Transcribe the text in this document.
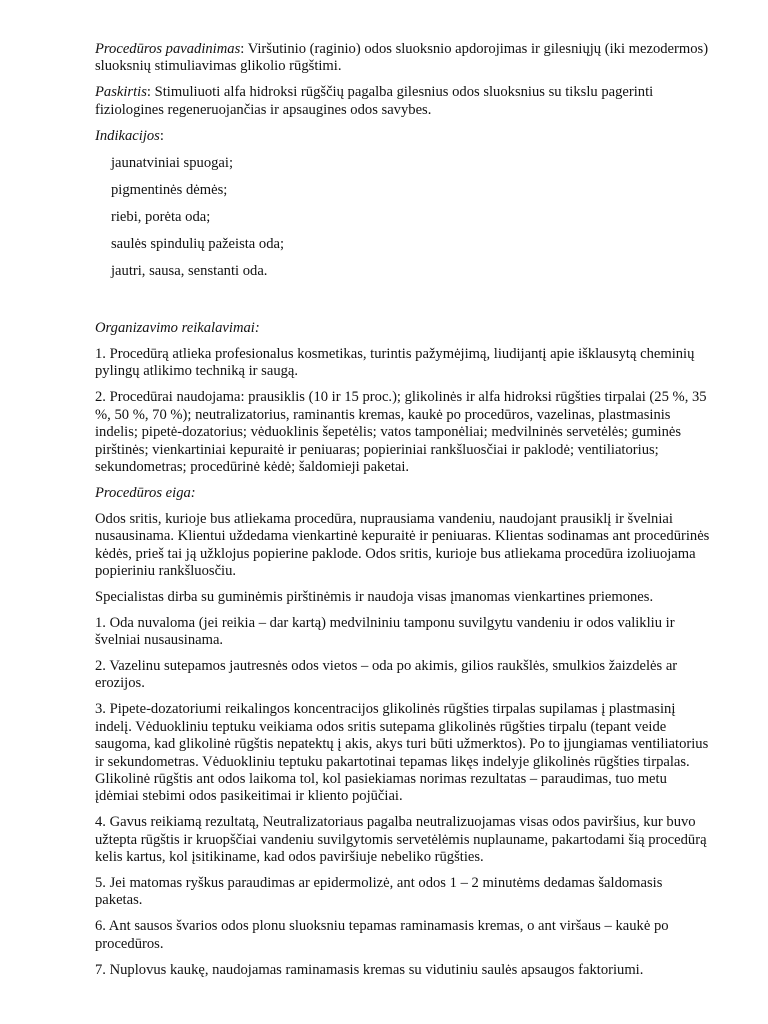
Procedūros pavadinimas: Viršutinio (raginio) odos sluoksnio apdorojimas ir gilesniųjų (iki mezodermos) sluoksnių stimuliavimas glikolio rūgštimi.

Paskirtis: Stimuliuoti alfa hidroksi rūgščių pagalba gilesnius odos sluoksnius su tikslu pagerinti fiziologines regeneruojančias ir apsaugines odos savybes.

Indikacijos:

jaunatviniai spuogai;

pigmentinės dėmės;

riebi, porėta oda;

saulės spindulių pažeista oda;

jautri, sausa, senstanti oda.

Organizavimo reikalavimai:

1. Procedūrą atlieka profesionalus kosmetikas, turintis pažymėjimą, liudijantį apie išklausytą cheminių pylingų atlikimo techniką ir saugą.

2. Procedūrai naudojama: prausiklis (10 ir 15 proc.); glikolinės ir alfa hidroksi rūgšties tirpalai (25 %, 35 %, 50 %, 70 %); neutralizatorius, raminantis kremas, kaukė po procedūros, vazelinas, plastmasinis indelis; pipetė-dozatorius; vėduoklinis šepetėlis; vatos tamponėliai; medvilninės servetėlės; guminės pirštinės; vienkartiniai kepuraitė ir peniuaras; popieriniai rankšluosčiai ir paklodė; ventiliatorius; sekundometras; procedūrinė kėdė; šaldomieji paketai.

Procedūros eiga:

Odos sritis, kurioje bus atliekama procedūra, nuprausiama vandeniu, naudojant prausiklį ir švelniai nusausinama. Klientui uždedama vienkartinė kepuraitė ir peniuaras. Klientas sodinamas ant procedūrinės kėdės, prieš tai ją užklojus popierine paklode. Odos sritis, kurioje bus atliekama procedūra izoliuojama popieriniu rankšluosčiu.

Specialistas dirba su guminėmis pirštinėmis ir naudoja visas įmanomas vienkartines priemones.

1. Oda nuvaloma (jei reikia – dar kartą) medvilniniu tamponu suvilgytu vandeniu ir odos valikliu ir švelniai nusausinama.

2. Vazelinu sutepamos jautresnės odos vietos – oda po akimis, gilios raukšlės, smulkios žaizdelės ar erozijos.

3. Pipete-dozatoriumi reikalingos koncentracijos glikolinės rūgšties tirpalas supilamas į plastmasinį indelį. Vėduokliniu teptuku veikiama odos sritis sutepama glikolinės rūgšties tirpalu (tepant veide saugoma, kad glikolinė rūgštis nepatektų į akis, akys turi būti užmerktos). Po to įjungiamas ventiliatorius ir sekundometras. Vėduokliniu teptuku pakartotinai tepamas likęs indelyje glikolinės rūgšties tirpalas. Glikolinė rūgštis ant odos laikoma tol, kol pasiekiamas norimas rezultatas – paraudimas, tuo metu įdėmiai stebimi odos pasikeitimai ir kliento pojūčiai.

4. Gavus reikiamą rezultatą, Neutralizatoriaus pagalba neutralizuojamas visas odos paviršius, kur buvo užtepta rūgštis ir kruopščiai vandeniu suvilgytomis servetėlėmis nuplauname, pakartodami šią procedūrą kelis kartus, kol įsitikiname, kad odos paviršiuje nebeliko rūgšties.

5. Jei matomas ryškus paraudimas ar epidermolizė, ant odos 1 – 2 minutėms dedamas šaldomasis paketas.

6. Ant sausos švarios odos plonu sluoksniu tepamas raminamasis kremas, o ant viršaus – kaukė po procedūros.

7. Nuplovus kaukę, naudojamas raminamasis kremas su vidutiniu saulės apsaugos faktoriumi.
